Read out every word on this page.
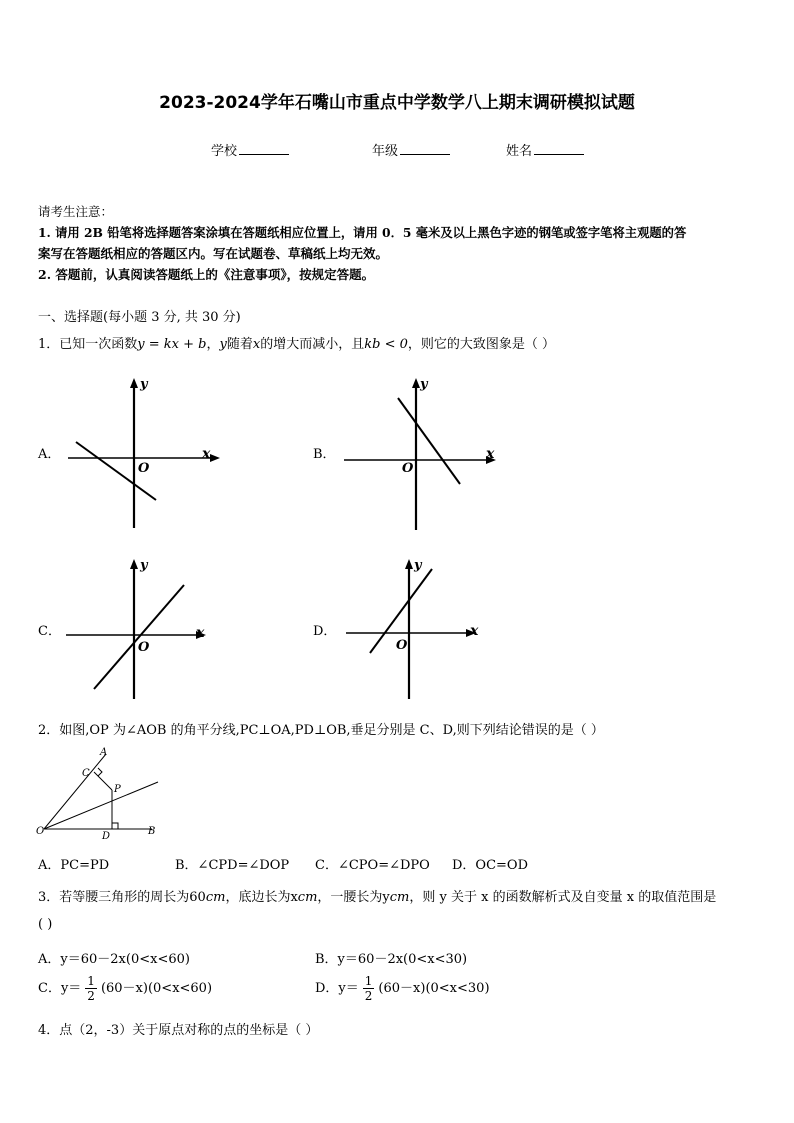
2023-2024学年石嘴山市重点中学数学八上期末调研模拟试题
学校	年级	姓名
请考生注意：
1. 请用 2B 铅笔将选择题答案涂填在答题纸相应位置上，请用 0．5 毫米及以上黑色字迹的钢笔或签字笔将主观题的答
案写在答题纸相应的答题区内。写在试题卷、草稿纸上均无效。
2. 答题前，认真阅读答题纸上的《注意事项》，按规定答题。
一、选择题(每小题 3 分, 共 30 分)
1．已知一次函数y = kx + b，y随着x的增大而减小，且kb < 0，则它的大致图象是（ ）
A．	B．
C．	D．
y
x
O
y
x
O
y
x
O
y
x
O
2．如图,OP 为∠AOB 的角平分线,PC⊥OA,PD⊥OB,垂足分别是 C、D,则下列结论错误的是（ ）
A
C
P
O	D	B
A．PC=PD	B．∠CPD=∠DOP C．∠CPO=∠DPO D．OC=OD
3．若等腰三角形的周长为60cm，底边长为xcm，一腰长为ycm，则 y 关于 x 的函数解析式及自变量 x 的取值范围是
( )
A．y＝60－2x(0<x<60)	B．y＝60－2x(0<x<30)
C．$y= \frac{1}{2} (60-x)(0<x<60)$	D．$y= \frac{1}{2} (60-x)(0<x<30)$
4．点（2，-3）关于原点对称的点的坐标是（ ）
